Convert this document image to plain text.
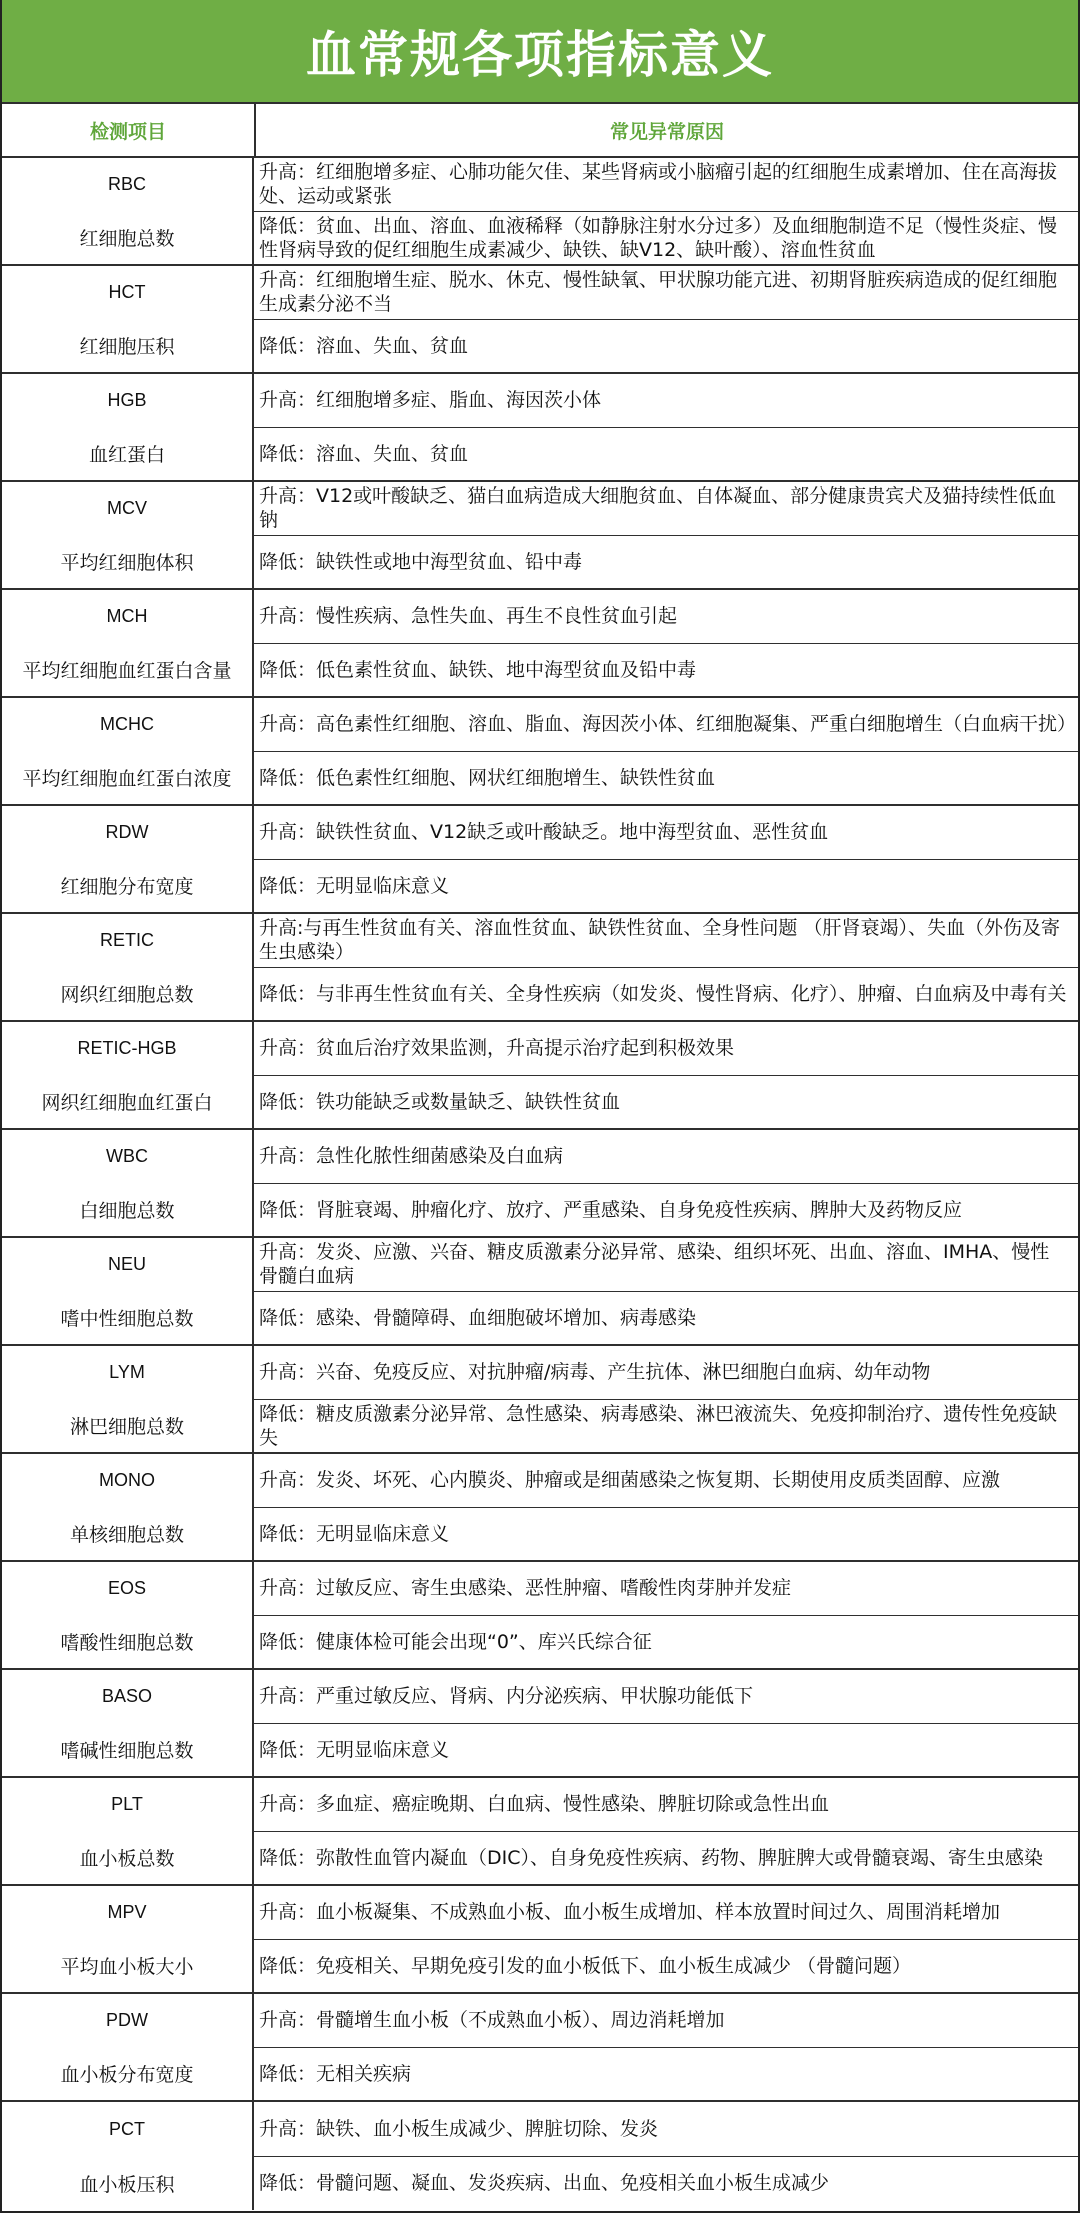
血常规各项指标意义
检测项目	常见异常原因
RBC
红细胞总数
升高：红细胞增多症、心肺功能欠佳、某些肾病或小脑瘤引起的红细胞生成素增加、住在高海拔处、运动或紧张
降低：贫血、出血、溶血、血液稀释（如静脉注射水分过多）及血细胞制造不足（慢性炎症、慢性肾病导致的促红细胞生成素减少、缺铁、缺V12、缺叶酸）、溶血性贫血
HCT
红细胞压积
升高：红细胞增生症、脱水、休克、慢性缺氧、甲状腺功能亢进、初期肾脏疾病造成的促红细胞生成素分泌不当
降低：溶血、失血、贫血
HGB
血红蛋白
升高：红细胞增多症、脂血、海因茨小体
降低：溶血、失血、贫血
MCV
平均红细胞体积
升高：V12或叶酸缺乏、猫白血病造成大细胞贫血、自体凝血、部分健康贵宾犬及猫持续性低血钠
降低：缺铁性或地中海型贫血、铅中毒
MCH
平均红细胞血红蛋白含量
升高：慢性疾病、急性失血、再生不良性贫血引起
降低：低色素性贫血、缺铁、地中海型贫血及铅中毒
MCHC
平均红细胞血红蛋白浓度
升高：高色素性红细胞、溶血、脂血、海因茨小体、红细胞凝集、严重白细胞增生（白血病干扰）
降低：低色素性红细胞、网状红细胞增生、缺铁性贫血
RDW
红细胞分布宽度
升高：缺铁性贫血、V12缺乏或叶酸缺乏。地中海型贫血、恶性贫血
降低：无明显临床意义
RETIC
网织红细胞总数
升高:与再生性贫血有关、溶血性贫血、缺铁性贫血、全身性问题 （肝肾衰竭）、失血（外伤及寄生虫感染）
降低：与非再生性贫血有关、全身性疾病（如发炎、慢性肾病、化疗）、肿瘤、白血病及中毒有关
RETIC-HGB
网织红细胞血红蛋白
升高：贫血后治疗效果监测，升高提示治疗起到积极效果
降低：铁功能缺乏或数量缺乏、缺铁性贫血
WBC
白细胞总数
升高：急性化脓性细菌感染及白血病
降低：肾脏衰竭、肿瘤化疗、放疗、严重感染、自身免疫性疾病、脾肿大及药物反应
NEU
嗜中性细胞总数
升高：发炎、应激、兴奋、糖皮质激素分泌异常、感染、组织坏死、出血、溶血、IMHA、慢性骨髓白血病
降低：感染、骨髓障碍、血细胞破坏增加、病毒感染
LYM
淋巴细胞总数
升高：兴奋、免疫反应、对抗肿瘤/病毒、产生抗体、淋巴细胞白血病、幼年动物
降低：糖皮质激素分泌异常、急性感染、病毒感染、淋巴液流失、免疫抑制治疗、遗传性免疫缺失
MONO
单核细胞总数
升高：发炎、坏死、心内膜炎、肿瘤或是细菌感染之恢复期、长期使用皮质类固醇、应激
降低：无明显临床意义
EOS
嗜酸性细胞总数
升高：过敏反应、寄生虫感染、恶性肿瘤、嗜酸性肉芽肿并发症
降低：健康体检可能会出现“0”、库兴氏综合征
BASO
嗜碱性细胞总数
升高：严重过敏反应、肾病、内分泌疾病、甲状腺功能低下
降低：无明显临床意义
PLT
血小板总数
升高：多血症、癌症晚期、白血病、慢性感染、脾脏切除或急性出血
降低：弥散性血管内凝血（DIC）、自身免疫性疾病、药物、脾脏脾大或骨髓衰竭、寄生虫感染
MPV
平均血小板大小
升高：血小板凝集、不成熟血小板、血小板生成增加、样本放置时间过久、周围消耗增加
降低：免疫相关、早期免疫引发的血小板低下、血小板生成减少 （骨髓问题）
PDW
血小板分布宽度
升高：骨髓增生血小板（不成熟血小板）、周边消耗增加
降低：无相关疾病
PCT
血小板压积
升高：缺铁、血小板生成减少、脾脏切除、发炎
降低：骨髓问题、凝血、发炎疾病、出血、免疫相关血小板生成减少
